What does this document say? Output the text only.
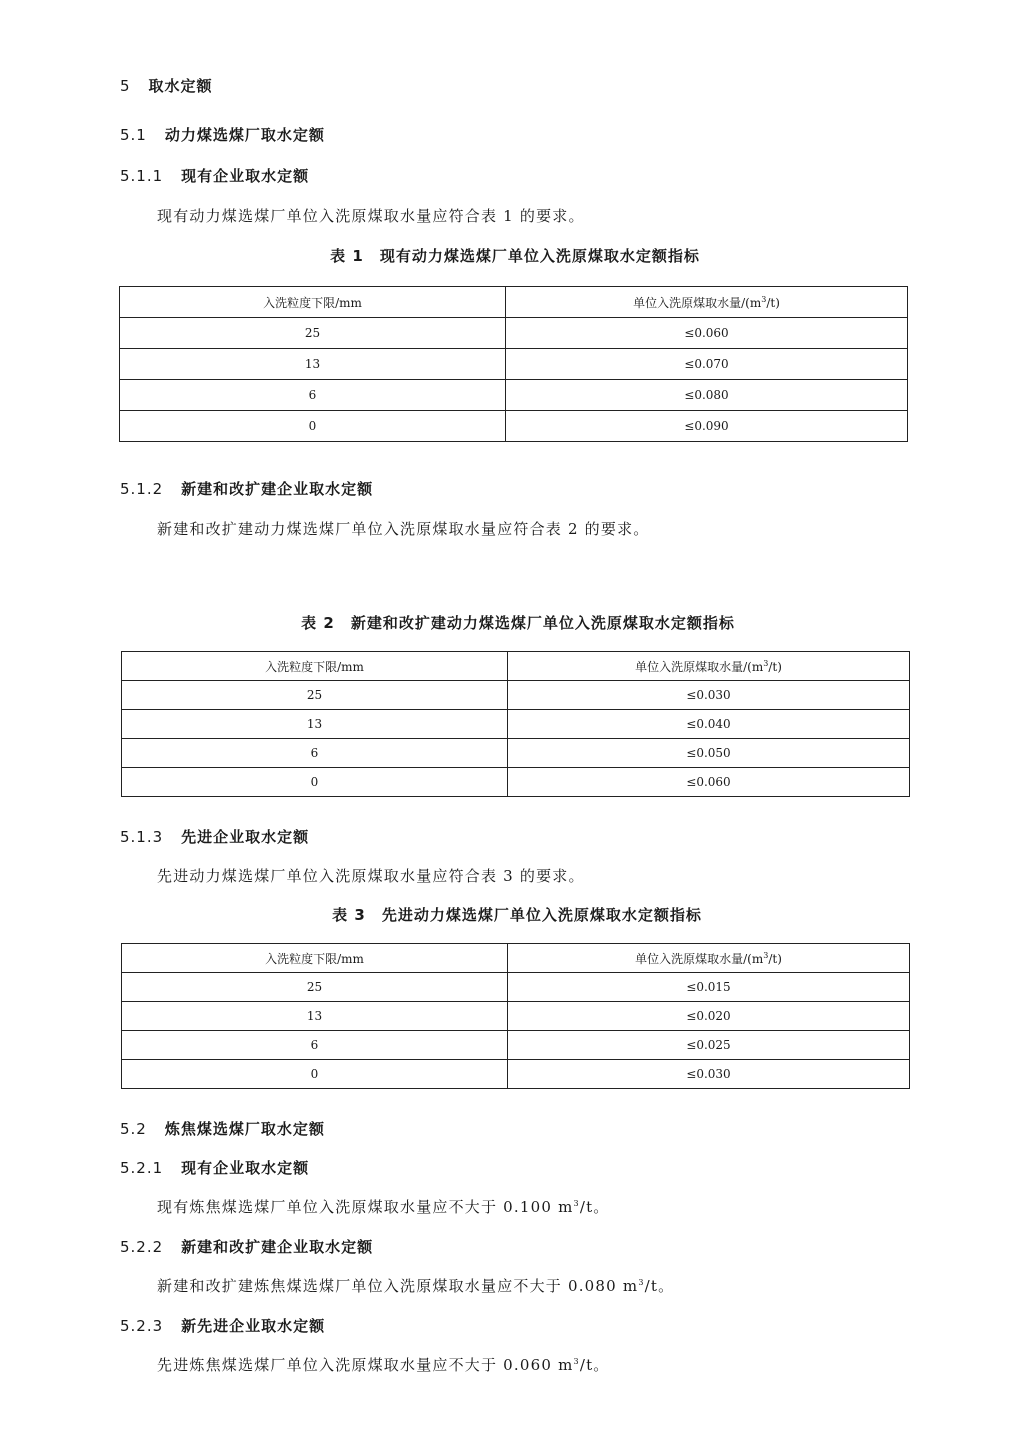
5 取水定额
5.1 动力煤选煤厂取水定额
5.1.1 现有企业取水定额
现有动力煤选煤厂单位入洗原煤取水量应符合表 1 的要求。
表 1 现有动力煤选煤厂单位入洗原煤取水定额指标
入洗粒度下限/mm	单位入洗原煤取水量$/(m^3/t)$
25	≤0.060
13	≤0.070
6	≤0.080
0	≤0.090
5.1.2 新建和改扩建企业取水定额
新建和改扩建动力煤选煤厂单位入洗原煤取水量应符合表 2 的要求。
表 2 新建和改扩建动力煤选煤厂单位入洗原煤取水定额指标
入洗粒度下限/mm	单位入洗原煤取水量$/(m^3/t)$
25	≤0.030
13	≤0.040
6	≤0.050
0	≤0.060
5.1.3 先进企业取水定额
先进动力煤选煤厂单位入洗原煤取水量应符合表 3 的要求。
表 3 先进动力煤选煤厂单位入洗原煤取水定额指标
入洗粒度下限/mm	单位入洗原煤取水量$/(m^3/t)$
25	≤0.015
13	≤0.020
6	≤0.025
0	≤0.030
5.2 炼焦煤选煤厂取水定额
5.2.1 现有企业取水定额
现有炼焦煤选煤厂单位入洗原煤取水量应不大于 0.100 $m^3/t$。
5.2.2 新建和改扩建企业取水定额
新建和改扩建炼焦煤选煤厂单位入洗原煤取水量应不大于 0.080 $m^3/t$。
5.2.3 新先进企业取水定额
先进炼焦煤选煤厂单位入洗原煤取水量应不大于 0.060 $m^3/t$。
